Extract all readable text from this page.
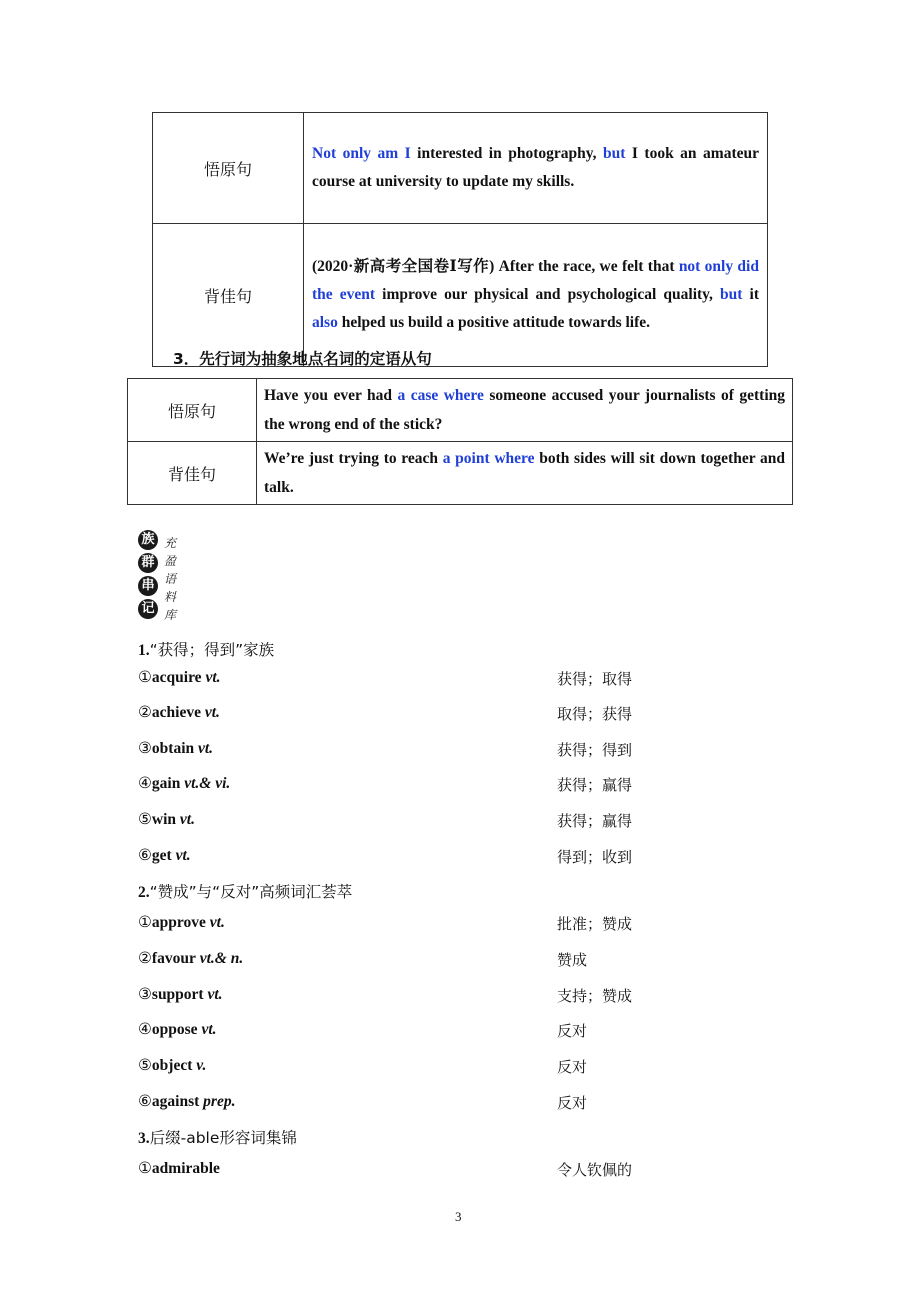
悟原句	Not only am I interested in photography, but I took an amateur course at university to update my skills.
背佳句	(2020·新高考全国卷Ⅰ写作) After the race, we felt that not only did the event improve our physical and psychological quality, but it also helped us build a positive attitude towards life.
3．先行词为抽象地点名词的定语从句
悟原句	Have you ever had a case where someone accused your journalists of getting the wrong end of the stick?
背佳句	We’re just trying to reach a point where both sides will sit down together and talk.
族
群
串
记
充
盈
语
料
库
1.“获得；得到”家族
①acquire vt.	获得；取得
②achieve vt.	取得；获得
③obtain vt.	获得；得到
④gain vt.& vi.	获得；赢得
⑤win vt.	获得；赢得
⑥get vt.	得到；收到
2.“赞成”与“反对”高频词汇荟萃
①approve vt.	批准；赞成
②favour vt.& n.	赞成
③support vt.	支持；赞成
④oppose vt.	反对
⑤object v.	反对
⑥against prep.	反对
3.后缀-able形容词集锦
①admirable	令人钦佩的
3
